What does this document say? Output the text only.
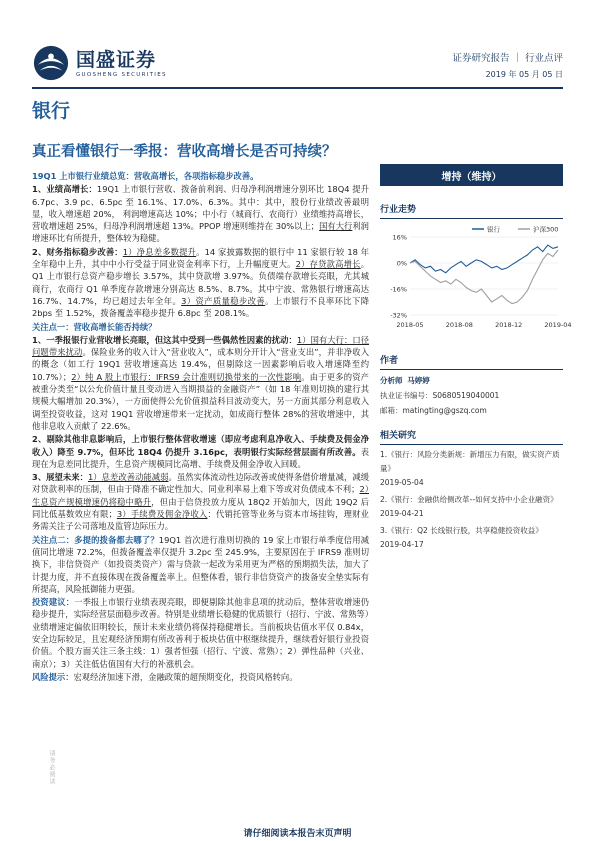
国盛证券
GUOSHENG SECURITIES
证券研究报告 ｜ 行业点评
2019 年 05 月 05 日
银行
真正看懂银行一季报：营收高增长是否可持续？

19Q1 上市银行业绩总览：营收高增长，各项指标稳步改善。

1、业绩高增长：19Q1 上市银行营收、拨备前利润、归母净利润增速分别环比 18Q4 提升 6.7pc、3.9 pc、6.5pc 至 16.1%、17.0%、6.3%。其中：其中，股份行业绩改善最明显，收入增速超 20%， 利润增速高达 10%；中小行（城商行、农商行）业绩维持高增长，营收增速超 25%，归母净利润增速超 13%。PPOP 增速则维持在 30%以上；国有大行利润增速环比有所提升，整体较为稳健。

2、财务指标稳步改善：1）净息差多数提升。14 家披露数据的银行中 11 家银行较 18 年全年稳中上升，其中中小行受益于同业资金利率下行，上升幅度更大。2）存贷款高增长。Q1 上市银行总资产稳步增长 3.57%，其中贷款增 3.97%。负债端存款增长亮眼，尤其城商行，农商行 Q1 单季度存款增速分别高达 8.5%、8.7%。其中宁波、常熟银行增速高达 16.7%、14.7%，均已超过去年全年。3）资产质量稳步改善。上市银行不良率环比下降 2bps 至 1.52%，拨备覆盖率稳步提升 6.8pc 至 208.1%。

关注点一：营收高增长能否持续？

1、一季报银行业营收增长亮眼，但这其中受到一些偶然性因素的扰动：1）国有大行：口径问题带来扰动。保险业务的收入计入“营业收入”，成本则分开计入“营业支出”，并非净收入的概念（如工行 19Q1 营收增速高达 19.4%，但剔除这一因素影响后收入增速降至约 10.7%）；2）纯 A 股上市银行：IFRS9 会计准则切换带来的一次性影响。由于更多的资产被重分类至“以公允价值计量且变动进入当期损益的金融资产”（如 18 年准则切换的建行其规模大幅增加 20.3%），一方面使得公允价值损益科目波动变大，另一方面其部分利息收入调至投资收益，这对 19Q1 营收增速带来一定扰动，如成商行整体 28%的营收增速中，其他非息收入贡献了 22.6%。

2、剔除其他非息影响后，上市银行整体营收增速（即应考虑利息净收入、手续费及佣金净收入）降至 9.7%，但环比 18Q4 仍提升 3.16pc，表明银行实际经营层面有所改善。表现在为息差同比提升，生息资产规模同比高增、手续费及佣金净收入回暖。

3、展望未来：1）息差改善动能减弱。虽然实体流动性边际改善或使得条借价增量减，减缓对贷款利率的压制，但由于降准不确定性加大、同业利率易上难下等或对负债成本不利；2）生息资产规模增速仍将稳中略升，但由于信贷投放力度从 18Q2 开始加大，因此 19Q2 后同比低基数效应有限；3）手续费及佣金净收入：代销托管等业务与资本市场挂钩，理财业务需关注子公司落地及监管边际压力。

关注点二：多提的拨备都去哪了？19Q1 首次进行准则切换的 19 家上市银行单季度信用减值同比增速 72.2%，但拨备覆盖率仅提升 3.2pc 至 245.9%，主要原因在于 IFRS9 准则切换下，非信贷资产（如投资类资产）需与贷款一起改为采用更为严格的预期损失法，加大了计提力度，并不直接体现在拨备覆盖率上。但整体看，银行非信贷资产的拨备安全垫实际有所提高，风险抵御能力更强。

投资建议：一季报上市银行业绩表现亮眼，即便剔除其他非息项的扰动后，整体营收增速仍稳步提升，实际经营层面稳步改善。特别是业绩增长稳健的优质银行（招行、宁波、常熟等）业绩增速定偏依旧明较长，预计未来业绩仍将保持稳健增长。当前板块估值水平仅 0.84x，安全边际较足，且宏观经济预期有所改善利于板块估值中枢继续提升，继续看好银行业投资价值。个股方面关注三条主线：1）强者恒强（招行、宁波、常熟）；2）弹性品种（兴业、南京）；3）关注低估值国有大行的补涨机会。

风险提示：宏观经济加速下滑，金融政策的超预期变化，投资风格转向。

增持（维持）
行业走势
16%
0%
-16%
-32%
2018-05	2018-08	2018-12	2019-04
银行	沪深300
作者
分析师 马婷婷
执业证书编号：S0680519040001
邮箱：matingting@gszq.com
相关研究
1.《银行：风险分类新规：新增压力有限，做实资产质量》
2019-05-04
2.《银行：金融供给侧改革--如何支持中小企业融资》
2019-04-21
3.《银行：Q2 长线银行股，共享稳健投资收益》
2019-04-17
请务必阅读
请仔细阅读本报告末页声明
